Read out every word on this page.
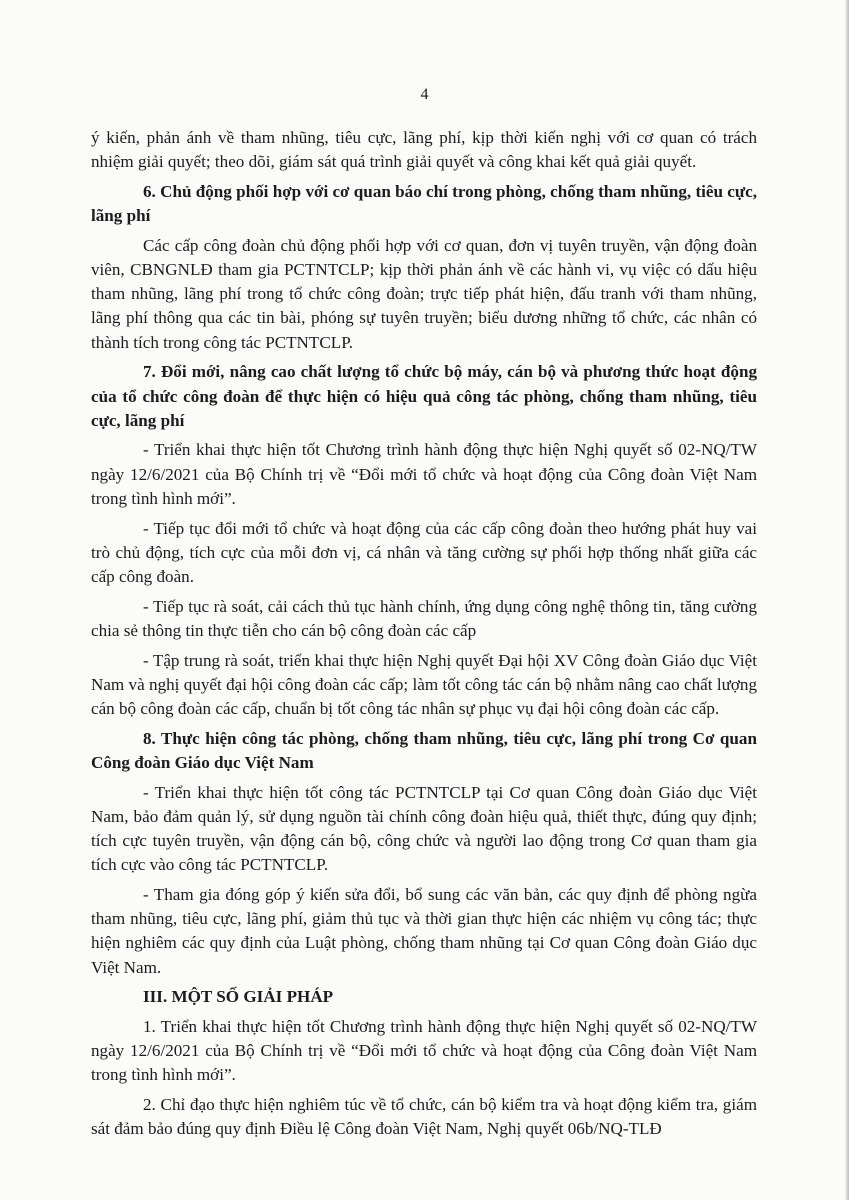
4

ý kiến, phản ánh về tham nhũng, tiêu cực, lãng phí, kịp thời kiến nghị với cơ quan có trách nhiệm giải quyết; theo dõi, giám sát quá trình giải quyết và công khai kết quả giải quyết.

6. Chủ động phối hợp với cơ quan báo chí trong phòng, chống tham nhũng, tiêu cực, lãng phí

Các cấp công đoàn chủ động phối hợp với cơ quan, đơn vị tuyên truyền, vận động đoàn viên, CBNGNLĐ tham gia PCTNTCLP; kịp thời phản ánh về các hành vi, vụ việc có dấu hiệu tham nhũng, lãng phí trong tổ chức công đoàn; trực tiếp phát hiện, đấu tranh với tham nhũng, lãng phí thông qua các tin bài, phóng sự tuyên truyền; biểu dương những tổ chức, các nhân có thành tích trong công tác PCTNTCLP.

7. Đổi mới, nâng cao chất lượng tổ chức bộ máy, cán bộ và phương thức hoạt động của tổ chức công đoàn để thực hiện có hiệu quả công tác phòng, chống tham nhũng, tiêu cực, lãng phí

- Triển khai thực hiện tốt Chương trình hành động thực hiện Nghị quyết số 02-NQ/TW ngày 12/6/2021 của Bộ Chính trị về “Đổi mới tổ chức và hoạt động của Công đoàn Việt Nam trong tình hình mới”.

- Tiếp tục đổi mới tổ chức và hoạt động của các cấp công đoàn theo hướng phát huy vai trò chủ động, tích cực của mỗi đơn vị, cá nhân và tăng cường sự phối hợp thống nhất giữa các cấp công đoàn.

- Tiếp tục rà soát, cải cách thủ tục hành chính, ứng dụng công nghệ thông tin, tăng cường chia sẻ thông tin thực tiễn cho cán bộ công đoàn các cấp

- Tập trung rà soát, triển khai thực hiện Nghị quyết Đại hội XV Công đoàn Giáo dục Việt Nam và nghị quyết đại hội công đoàn các cấp; làm tốt công tác cán bộ nhằm nâng cao chất lượng cán bộ công đoàn các cấp, chuẩn bị tốt công tác nhân sự phục vụ đại hội công đoàn các cấp.

8. Thực hiện công tác phòng, chống tham nhũng, tiêu cực, lãng phí trong Cơ quan Công đoàn Giáo dục Việt Nam

- Triển khai thực hiện tốt công tác PCTNTCLP tại Cơ quan Công đoàn Giáo dục Việt Nam, bảo đảm quản lý, sử dụng nguồn tài chính công đoàn hiệu quả, thiết thực, đúng quy định; tích cực tuyên truyền, vận động cán bộ, công chức và người lao động trong Cơ quan tham gia tích cực vào công tác PCTNTCLP.

- Tham gia đóng góp ý kiến sửa đổi, bổ sung các văn bản, các quy định để phòng ngừa tham nhũng, tiêu cực, lãng phí, giảm thủ tục và thời gian thực hiện các nhiệm vụ công tác; thực hiện nghiêm các quy định của Luật phòng, chống tham nhũng tại Cơ quan Công đoàn Giáo dục Việt Nam.

III. MỘT SỐ GIẢI PHÁP

1. Triển khai thực hiện tốt Chương trình hành động thực hiện Nghị quyết số 02-NQ/TW ngày 12/6/2021 của Bộ Chính trị về “Đổi mới tổ chức và hoạt động của Công đoàn Việt Nam trong tình hình mới”.

2. Chỉ đạo thực hiện nghiêm túc về tổ chức, cán bộ kiểm tra và hoạt động kiểm tra, giám sát đảm bảo đúng quy định Điều lệ Công đoàn Việt Nam, Nghị quyết 06b/NQ-TLĐ
